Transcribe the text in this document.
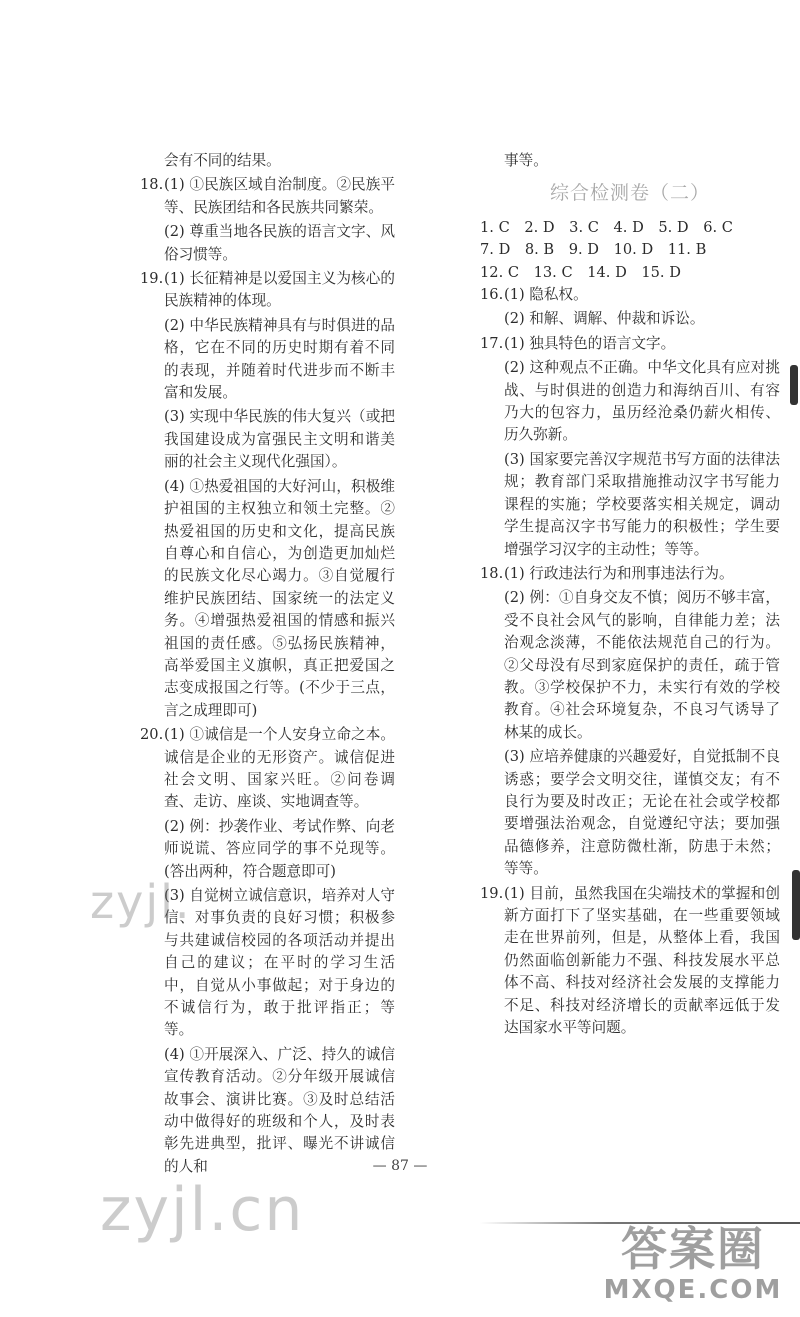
会有不同的结果。
18. (1) ①民族区域自治制度。②民族平等、民族团结和各民族共同繁荣。
(2) 尊重当地各民族的语言文字、风俗习惯等。
19. (1) 长征精神是以爱国主义为核心的民族精神的体现。
(2) 中华民族精神具有与时俱进的品格，它在不同的历史时期有着不同的表现，并随着时代进步而不断丰富和发展。
(3) 实现中华民族的伟大复兴（或把我国建设成为富强民主文明和谐美丽的社会主义现代化强国）。
(4) ①热爱祖国的大好河山，积极维护祖国的主权独立和领土完整。②热爱祖国的历史和文化，提高民族自尊心和自信心，为创造更加灿烂的民族文化尽心竭力。③自觉履行维护民族团结、国家统一的法定义务。④增强热爱祖国的情感和振兴祖国的责任感。⑤弘扬民族精神，高举爱国主义旗帜，真正把爱国之志变成报国之行等。(不少于三点，言之成理即可)
20. (1) ①诚信是一个人安身立命之本。诚信是企业的无形资产。诚信促进社会文明、国家兴旺。②问卷调查、走访、座谈、实地调查等。
(2) 例：抄袭作业、考试作弊、向老师说谎、答应同学的事不兑现等。(答出两种，符合题意即可)
(3) 自觉树立诚信意识，培养对人守信、对事负责的良好习惯；积极参与共建诚信校园的各项活动并提出自己的建议；在平时的学习生活中，自觉从小事做起；对于身边的不诚信行为，敢于批评指正；等等。
(4) ①开展深入、广泛、持久的诚信宣传教育活动。②分年级开展诚信故事会、演讲比赛。③及时总结活动中做得好的班级和个人，及时表彰先进典型，批评、曝光不讲诚信的人和
事等。
综合检测卷（二）
1. C　2. D　3. C　4. D　5. D　6. C
7. D　8. B　9. D　10. D　11. B
12. C　13. C　14. D　15. D
16. (1) 隐私权。
(2) 和解、调解、仲裁和诉讼。
17. (1) 独具特色的语言文字。
(2) 这种观点不正确。中华文化具有应对挑战、与时俱进的创造力和海纳百川、有容乃大的包容力，虽历经沧桑仍薪火相传、历久弥新。
(3) 国家要完善汉字规范书写方面的法律法规；教育部门采取措施推动汉字书写能力课程的实施；学校要落实相关规定，调动学生提高汉字书写能力的积极性；学生要增强学习汉字的主动性；等等。
18. (1) 行政违法行为和刑事违法行为。
(2) 例：①自身交友不慎；阅历不够丰富，受不良社会风气的影响，自律能力差；法治观念淡薄，不能依法规范自己的行为。②父母没有尽到家庭保护的责任，疏于管教。③学校保护不力，未实行有效的学校教育。④社会环境复杂，不良习气诱导了林某的成长。
(3) 应培养健康的兴趣爱好，自觉抵制不良诱惑；要学会文明交往，谨慎交友；有不良行为要及时改正；无论在社会或学校都要增强法治观念，自觉遵纪守法；要加强品德修养，注意防微杜渐，防患于未然；等等。
19. (1) 目前，虽然我国在尖端技术的掌握和创新方面打下了坚实基础，在一些重要领域走在世界前列，但是，从整体上看，我国仍然面临创新能力不强、科技发展水平总体不高、科技对经济社会发展的支撑能力不足、科技对经济增长的贡献率远低于发达国家水平等问题。
— 87 —
zyjl.
zyjl.cn
答案圈
MXQE.COM
